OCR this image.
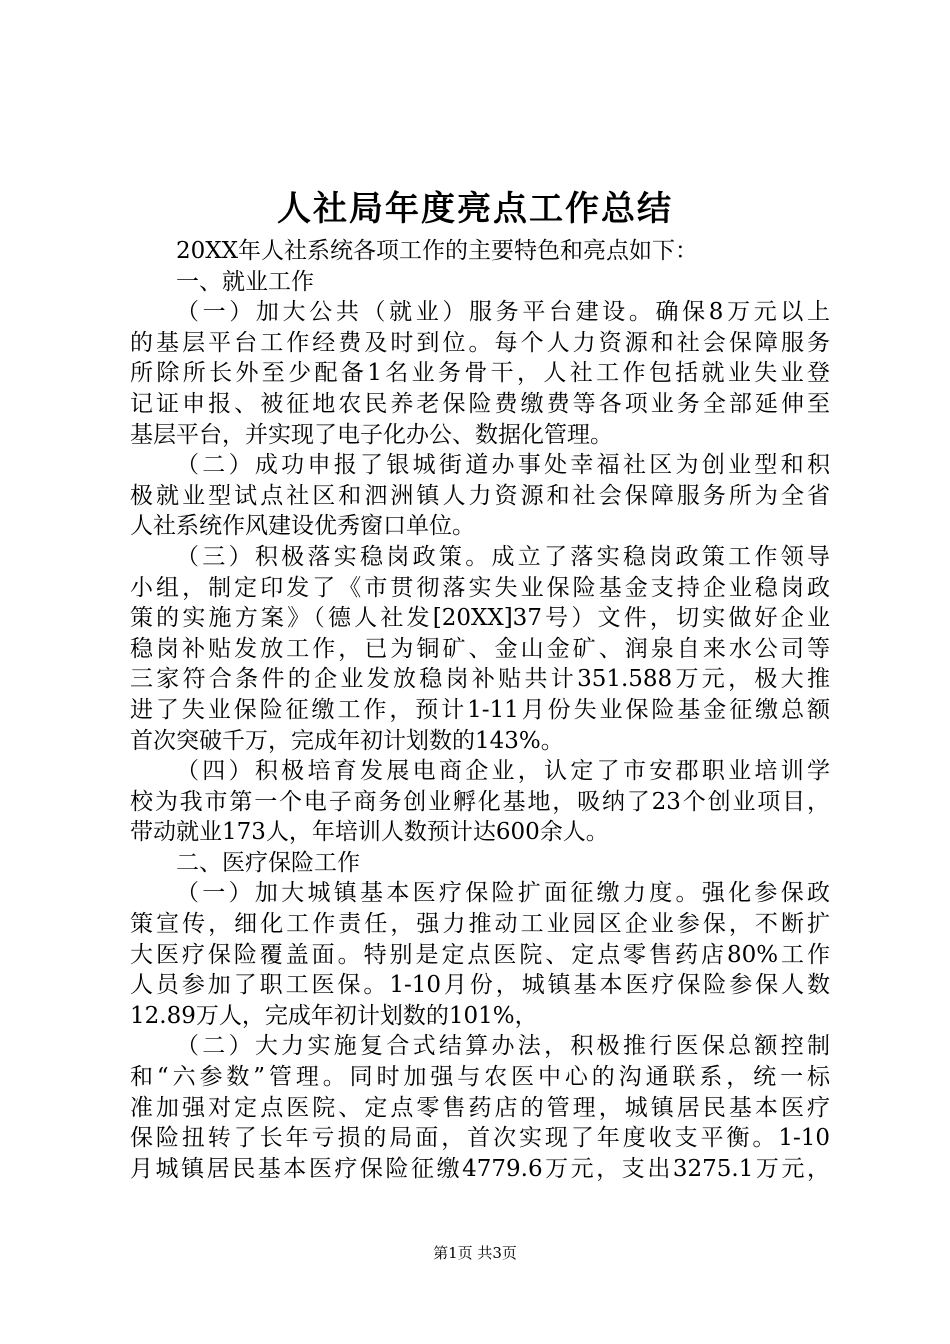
人社局年度亮点工作总结
20XX年人社系统各项工作的主要特色和亮点如下：
一、就业工作
（一）加大公共（就业）服务平台建设。确保8万元以上
的基层平台工作经费及时到位。每个人力资源和社会保障服务
所除所长外至少配备1名业务骨干，人社工作包括就业失业登
记证申报、被征地农民养老保险费缴费等各项业务全部延伸至
基层平台，并实现了电子化办公、数据化管理。
（二）成功申报了银城街道办事处幸福社区为创业型和积
极就业型试点社区和泗洲镇人力资源和社会保障服务所为全省
人社系统作风建设优秀窗口单位。
（三）积极落实稳岗政策。成立了落实稳岗政策工作领导
小组，制定印发了《市贯彻落实失业保险基金支持企业稳岗政
策的实施方案》（德人社发[20XX]37号）文件，切实做好企业
稳岗补贴发放工作，已为铜矿、金山金矿、润泉自来水公司等
三家符合条件的企业发放稳岗补贴共计351.588万元，极大推
进了失业保险征缴工作，预计1-11月份失业保险基金征缴总额
首次突破千万，完成年初计划数的143%。
（四）积极培育发展电商企业，认定了市安郡职业培训学
校为我市第一个电子商务创业孵化基地，吸纳了23个创业项目，
带动就业173人，年培训人数预计达600余人。
二、医疗保险工作
（一）加大城镇基本医疗保险扩面征缴力度。强化参保政
策宣传，细化工作责任，强力推动工业园区企业参保，不断扩
大医疗保险覆盖面。特别是定点医院、定点零售药店80%工作
人员参加了职工医保。1-10月份，城镇基本医疗保险参保人数
12.89万人，完成年初计划数的101%，
（二）大力实施复合式结算办法，积极推行医保总额控制
和“六参数”管理。同时加强与农医中心的沟通联系，统一标
准加强对定点医院、定点零售药店的管理，城镇居民基本医疗
保险扭转了长年亏损的局面，首次实现了年度收支平衡。1-10
月城镇居民基本医疗保险征缴4779.6万元，支出3275.1万元，
第1页 共3页
